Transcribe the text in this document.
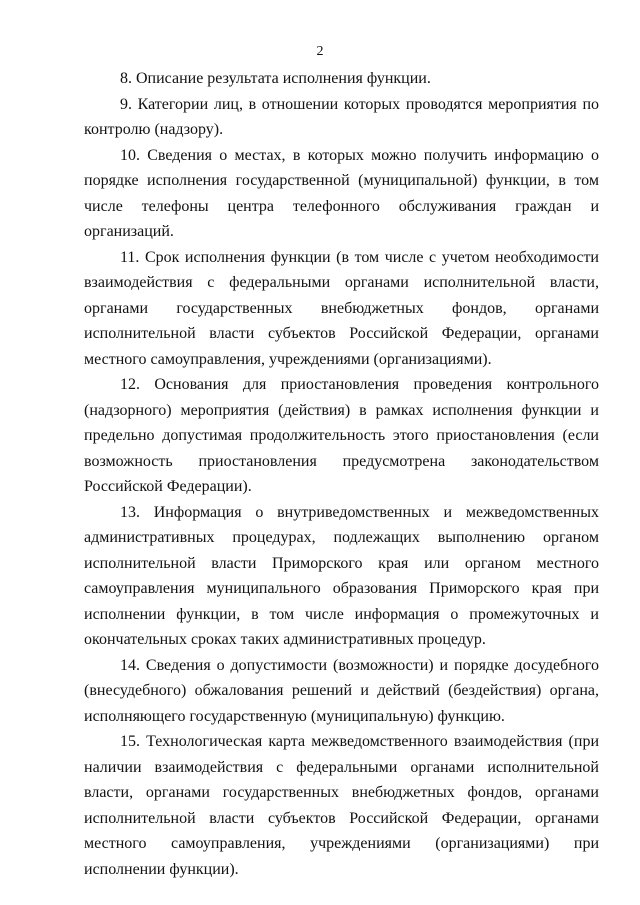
2

8. Описание результата исполнения функции.

9. Категории лиц, в отношении которых проводятся мероприятия по контролю (надзору).

10. Сведения о местах, в которых можно получить информацию о порядке исполнения государственной (муниципальной) функции, в том числе телефоны центра телефонного обслуживания граждан и организаций.

11. Срок исполнения функции (в том числе с учетом необходимости взаимодействия с федеральными органами исполнительной власти, органами государственных внебюджетных фондов, органами исполнительной власти субъектов Российской Федерации, органами местного самоуправления, учреждениями (организациями).

12. Основания для приостановления проведения контрольного (надзорного) мероприятия (действия) в рамках исполнения функции и предельно допустимая продолжительность этого приостановления (если возможность приостановления предусмотрена законодательством Российской Федерации).

13. Информация о внутриведомственных и межведомственных административных процедурах, подлежащих выполнению органом исполнительной власти Приморского края или органом местного самоуправления муниципального образования Приморского края при исполнении функции, в том числе информация о промежуточных и окончательных сроках таких административных процедур.

14. Сведения о допустимости (возможности) и порядке досудебного (внесудебного) обжалования решений и действий (бездействия) органа, исполняющего государственную (муниципальную) функцию.

15. Технологическая карта межведомственного взаимодействия (при наличии взаимодействия с федеральными органами исполнительной власти, органами государственных внебюджетных фондов, органами исполнительной власти субъектов Российской Федерации, органами местного самоуправления, учреждениями (организациями) при исполнении функции).
